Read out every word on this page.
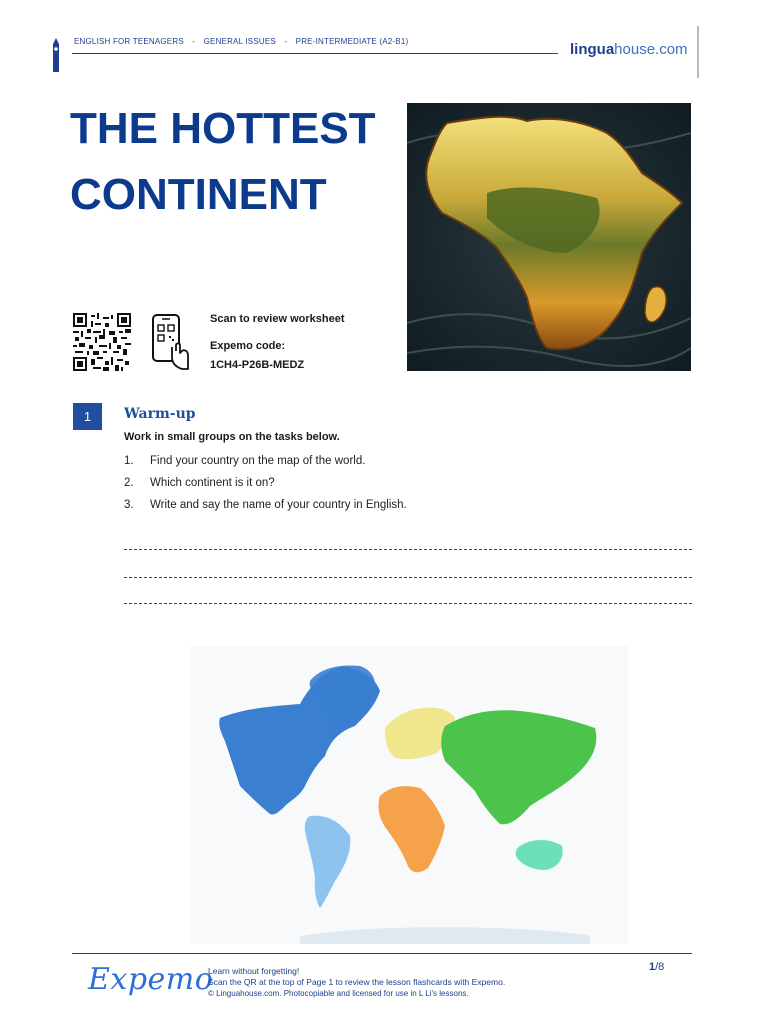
ENGLISH FOR TEENAGERS - GENERAL ISSUES - PRE-INTERMEDIATE (A2-B1)	linguahouse.com
THE HOTTEST
CONTINENT
Scan to review worksheet
Expemo code:
1CH4-P26B-MEDZ
1	Warm-up
Work in small groups on the tasks below.
1. Find your country on the map of the world.
2. Which continent is it on?
3. Write and say the name of your country in English.
Expemo
Learn without forgetting!
Scan the QR at the top of Page 1 to review the lesson flashcards with Expemo.
© Linguahouse.com. Photocopiable and licensed for use in L Li's lessons.
1/8
